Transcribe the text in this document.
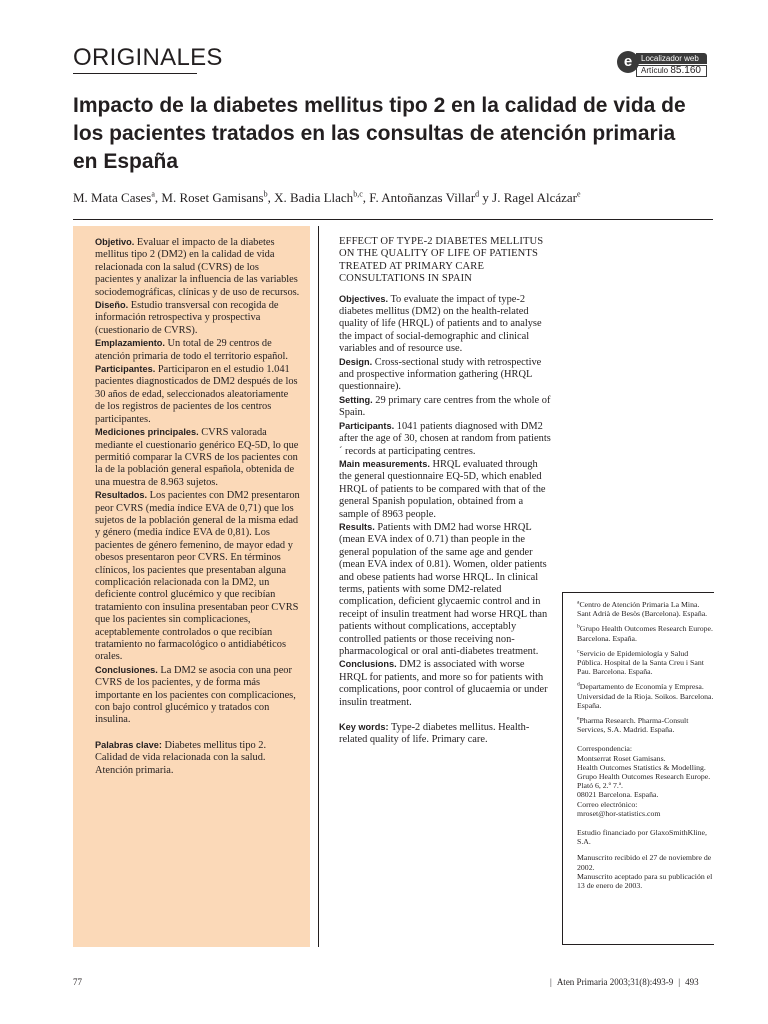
ORIGINALES	e	Localizador web
Artículo 85.160
Impacto de la diabetes mellitus tipo 2 en la calidad de vida de los pacientes tratados en las consultas de atención primaria en España
M. Mata Cases$^a$, M. Roset Gamisans$^b$, X. Badia Llach$^{b,c}$, F. Antoñanzas Villar$^d$ y J. Ragel Alcázar$^e$

Objetivo. Evaluar el impacto de la diabetes mellitus tipo 2 (DM2) en la calidad de vida relacionada con la salud (CVRS) de los pacientes y analizar la influencia de las variables sociodemográficas, clínicas y de uso de recursos.

Diseño. Estudio transversal con recogida de información retrospectiva y prospectiva (cuestionario de CVRS).

Emplazamiento. Un total de 29 centros de atención primaria de todo el territorio español.

Participantes. Participaron en el estudio 1.041 pacientes diagnosticados de DM2 después de los 30 años de edad, seleccionados aleatoriamente de los registros de pacientes de los centros participantes.

Mediciones principales. CVRS valorada mediante el cuestionario genérico EQ-5D, lo que permitió comparar la CVRS de los pacientes con la de la población general española, obtenida de una muestra de 8.963 sujetos.

Resultados. Los pacientes con DM2 presentaron peor CVRS (media índice EVA de 0,71) que los sujetos de la población general de la misma edad y género (media índice EVA de 0,81). Los pacientes de género femenino, de mayor edad y obesos presentaron peor CVRS. En términos clínicos, los pacientes que presentaban alguna complicación relacionada con la DM2, un deficiente control glucémico y que recibían tratamiento con insulina presentaban peor CVRS que los pacientes sin complicaciones, aceptablemente controlados o que recibían tratamiento no farmacológico o antidiabéticos orales.

Conclusiones. La DM2 se asocia con una peor CVRS de los pacientes, y de forma más importante en los pacientes con complicaciones, con bajo control glucémico y tratados con insulina.

Palabras clave: Diabetes mellitus tipo 2. Calidad de vida relacionada con la salud. Atención primaria.

EFFECT OF TYPE-2 DIABETES MELLITUS ON THE QUALITY OF LIFE OF PATIENTS TREATED AT PRIMARY CARE CONSULTATIONS IN SPAIN

Objectives. To evaluate the impact of type-2 diabetes mellitus (DM2) on the health-related quality of life (HRQL) of patients and to analyse the impact of social-demographic and clinical variables and of resource use.

Design. Cross-sectional study with retrospective and prospective information gathering (HRQL questionnaire).

Setting. 29 primary care centres from the whole of Spain.

Participants. 1041 patients diagnosed with DM2 after the age of 30, chosen at random from patients´ records at participating centres.

Main measurements. HRQL evaluated through the general questionnaire EQ-5D, which enabled HRQL of patients to be compared with that of the general Spanish population, obtained from a sample of 8963 people.

Results. Patients with DM2 had worse HRQL (mean EVA index of 0.71) than people in the general population of the same age and gender (mean EVA index of 0.81). Women, older patients and obese patients had worse HRQL. In clinical terms, patients with some DM2-related complication, deficient glycaemic control and in receipt of insulin treatment had worse HRQL than patients without complications, acceptably controlled patients or those receiving non-pharmacological or oral anti-diabetes treatment.

Conclusions. DM2 is associated with worse HRQL for patients, and more so for patients with complications, poor control of glucaemia or under insulin treatment.

Key words: Type-2 diabetes mellitus. Health-related quality of life. Primary care.

$^a$Centro de Atención Primaria La Mina. Sant Adrià de Besòs (Barcelona). España.
$^b$Grupo Health Outcomes Research Europe. Barcelona. España.
$^c$Servicio de Epidemiología y Salud Pública. Hospital de la Santa Creu i Sant Pau. Barcelona. España.
$^d$Departamento de Economía y Empresa. Universidad de la Rioja. Soikos. Barcelona. España.
$^e$Pharma Research. Pharma-Consult Services, S.A. Madrid. España.
Correspondencia:
Montserrat Roset Gamisans.
Health Outcomes Statistics & Modelling.
Grupo Health Outcomes Research Europe.
Plató 6, 2.º 7.ª.
08021 Barcelona. España.
Correo electrónico:
mroset@hor-statistics.com
Estudio financiado por GlaxoSmithKline, S.A.
Manuscrito recibido el 27 de noviembre de 2002.
Manuscrito aceptado para su publicación el 13 de enero de 2003.
77	| Aten Primaria 2003;31(8):493-9 | 493
